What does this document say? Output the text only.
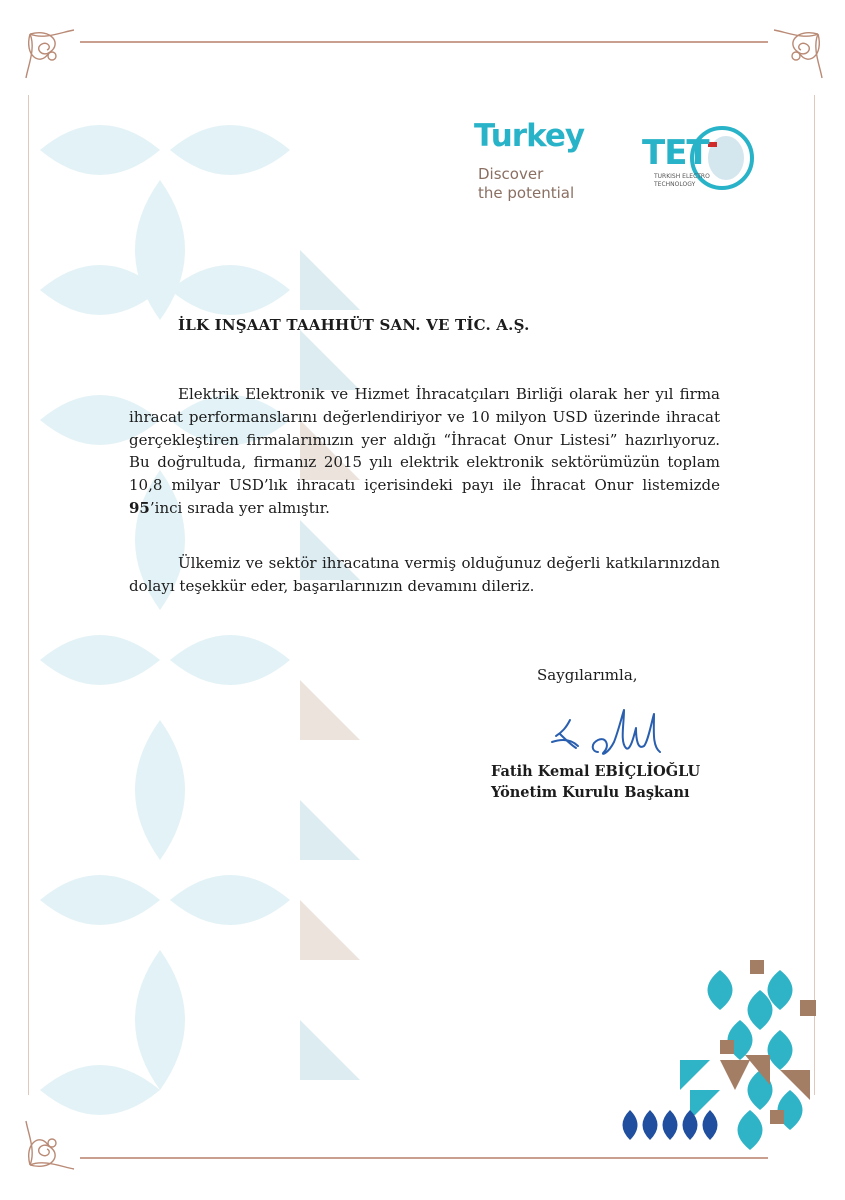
Turkey
Discover
the potential
TET
TURKISH ELECTRO
TECHNOLOGY
İLK INŞAAT TAAHHÜT SAN. VE TİC. A.Ş.

Elektrik Elektronik ve Hizmet İhracatçıları Birliği olarak her yıl firma ihracat performanslarını değerlendiriyor ve 10 milyon USD üzerinde ihracat gerçekleştiren firmalarımızın yer aldığı “İhracat Onur Listesi” hazırlıyoruz. Bu doğrultuda, firmanız 2015 yılı elektrik elektronik sektörümüzün toplam 10,8 milyar USD’lık ihracatı içerisindeki payı ile İhracat Onur listemizde 95’inci sırada yer almıştır.

Ülkemiz ve sektör ihracatına vermiş olduğunuz değerli katkılarınızdan dolayı teşekkür eder, başarılarınızın devamını dileriz.

Saygılarımla,
Fatih Kemal EBİÇLİOĞLU
Yönetim Kurulu Başkanı
